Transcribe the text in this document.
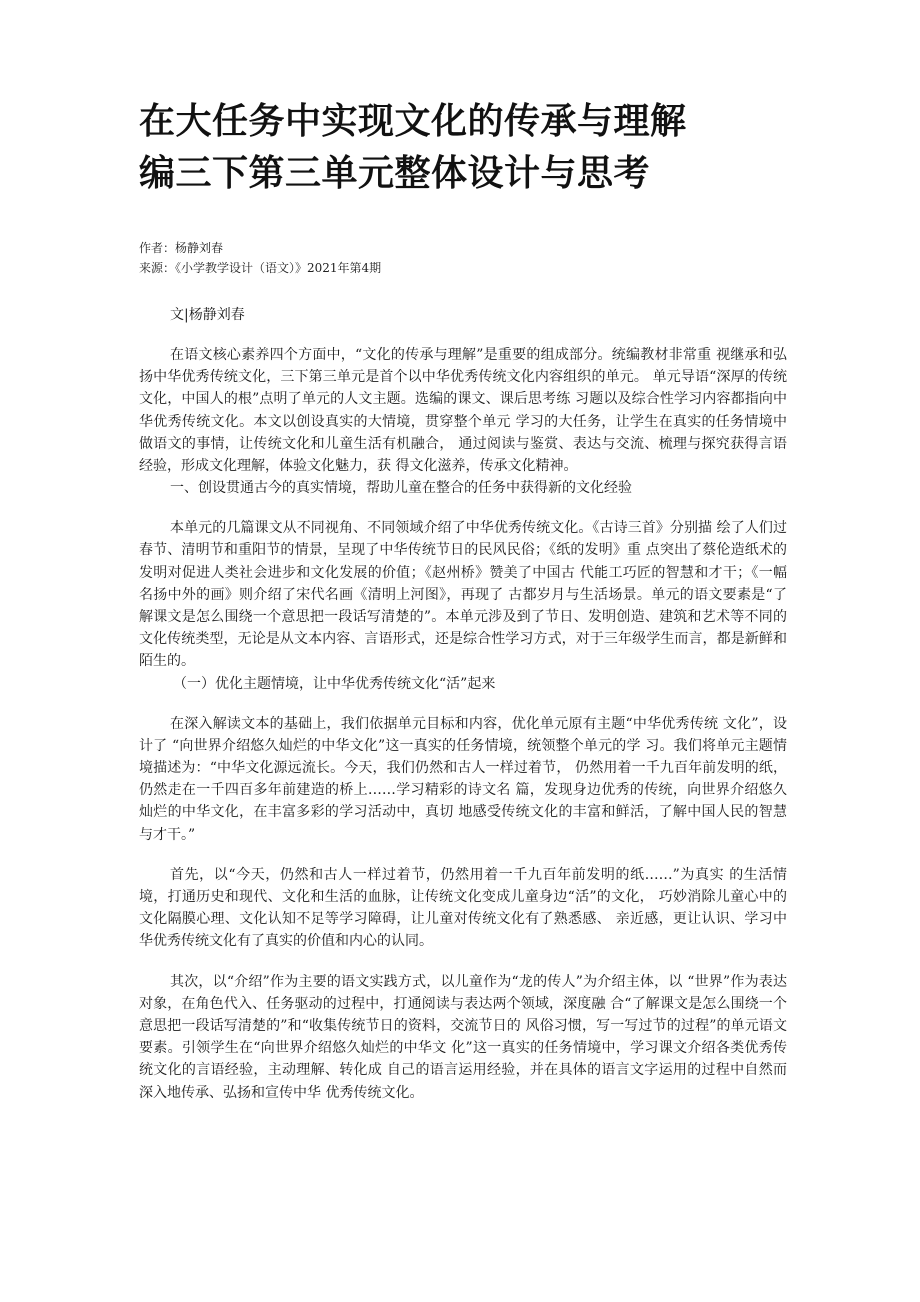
在大任务中实现文化的传承与理解
编三下第三单元整体设计与思考
作者：杨静刘春
来源：《小学教学设计（语文）》2021年第4期
文|杨静刘春

在语文核心素养四个方面中，“文化的传承与理解”是重要的组成部分。统编教材非常重 视继承和弘扬中华优秀传统文化，三下第三单元是首个以中华优秀传统文化内容组织的单元。 单元导语“深厚的传统文化，中国人的根”点明了单元的人文主题。选编的课文、课后思考练 习题以及综合性学习内容都指向中华优秀传统文化。本文以创设真实的大情境，贯穿整个单元 学习的大任务，让学生在真实的任务情境中做语文的事情，让传统文化和儿童生活有机融合， 通过阅读与鉴赏、表达与交流、梳理与探究获得言语经验，形成文化理解，体验文化魅力，获 得文化滋养，传承文化精神。

一、创设贯通古今的真实情境，帮助儿童在整合的任务中获得新的文化经验

本单元的几篇课文从不同视角、不同领域介绍了中华优秀传统文化。《古诗三首》分别描 绘了人们过春节、清明节和重阳节的情景，呈现了中华传统节日的民风民俗；《纸的发明》重 点突出了蔡伦造纸术的发明对促进人类社会进步和文化发展的价值；《赵州桥》赞美了中国古 代能工巧匠的智慧和才干；《一幅名扬中外的画》则介绍了宋代名画《清明上河图》，再现了 古都岁月与生活场景。单元的语文要素是“了解课文是怎么围绕一个意思把一段话写清楚的”。本单元涉及到了节日、发明创造、建筑和艺术等不同的文化传统类型，无论是从文本内容、言语形式，还是综合性学习方式，对于三年级学生而言，都是新鲜和陌生的。

（一）优化主题情境，让中华优秀传统文化“活”起来

在深入解读文本的基础上，我们依据单元目标和内容，优化单元原有主题“中华优秀传统 文化”，设计了 “向世界介绍悠久灿烂的中华文化”这一真实的任务情境，统领整个单元的学 习。我们将单元主题情境描述为：“中华文化源远流长。今天，我们仍然和古人一样过着节， 仍然用着一千九百年前发明的纸，仍然走在一千四百多年前建造的桥上……学习精彩的诗文名 篇，发现身边优秀的传统，向世界介绍悠久灿烂的中华文化，在丰富多彩的学习活动中，真切 地感受传统文化的丰富和鲜活，了解中国人民的智慧与才干。”

首先，以“今天，仍然和古人一样过着节，仍然用着一千九百年前发明的纸……”为真实 的生活情境，打通历史和现代、文化和生活的血脉，让传统文化变成儿童身边“活”的文化， 巧妙消除儿童心中的文化隔膜心理、文化认知不足等学习障碍，让儿童对传统文化有了熟悉感、 亲近感，更让认识、学习中华优秀传统文化有了真实的价值和内心的认同。

其次，以“介绍”作为主要的语文实践方式，以儿童作为“龙的传人”为介绍主体，以 “世界”作为表达对象，在角色代入、任务驱动的过程中，打通阅读与表达两个领域，深度融 合“了解课文是怎么围绕一个意思把一段话写清楚的”和“收集传统节日的资料，交流节日的 风俗习惯，写一写过节的过程”的单元语文要素。引领学生在“向世界介绍悠久灿烂的中华文 化”这一真实的任务情境中，学习课文介绍各类优秀传统文化的言语经验，主动理解、转化成 自己的语言运用经验，并在具体的语言文字运用的过程中自然而深入地传承、弘扬和宣传中华 优秀传统文化。
